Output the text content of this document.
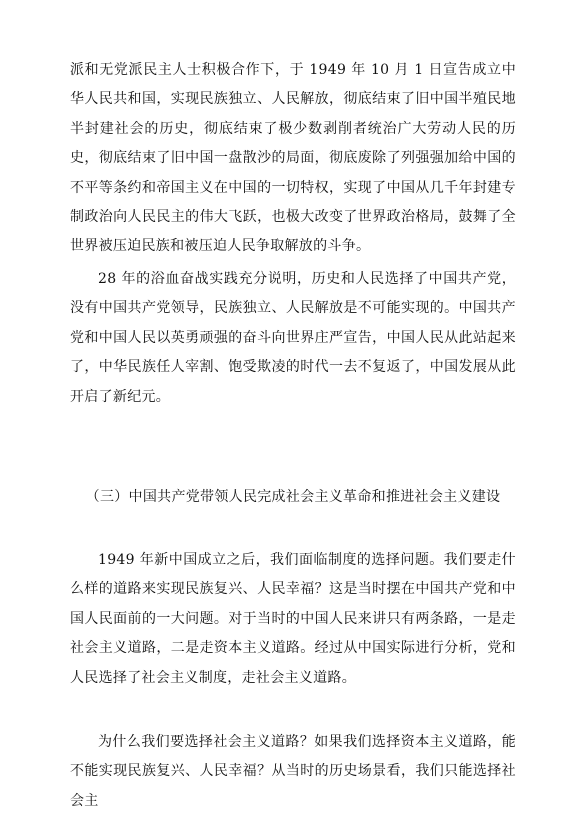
派和无党派民主人士积极合作下，于 1949 年 10 月 1 日宣告成立中华人民共和国，实现民族独立、人民解放，彻底结束了旧中国半殖民地半封建社会的历史，彻底结束了极少数剥削者统治广大劳动人民的历史，彻底结束了旧中国一盘散沙的局面，彻底废除了列强强加给中国的不平等条约和帝国主义在中国的一切特权，实现了中国从几千年封建专制政治向人民民主的伟大飞跃，也极大改变了世界政治格局，鼓舞了全世界被压迫民族和被压迫人民争取解放的斗争。

28 年的浴血奋战实践充分说明，历史和人民选择了中国共产党，没有中国共产党领导，民族独立、人民解放是不可能实现的。中国共产党和中国人民以英勇顽强的奋斗向世界庄严宣告，中国人民从此站起来了，中华民族任人宰割、饱受欺凌的时代一去不复返了，中国发展从此开启了新纪元。

（三）中国共产党带领人民完成社会主义革命和推进社会主义建设

1949 年新中国成立之后，我们面临制度的选择问题。我们要走什么样的道路来实现民族复兴、人民幸福？这是当时摆在中国共产党和中国人民面前的一大问题。对于当时的中国人民来讲只有两条路，一是走社会主义道路，二是走资本主义道路。经过从中国实际进行分析，党和人民选择了社会主义制度，走社会主义道路。

为什么我们要选择社会主义道路？如果我们选择资本主义道路，能不能实现民族复兴、人民幸福？从当时的历史场景看，我们只能选择社会主
